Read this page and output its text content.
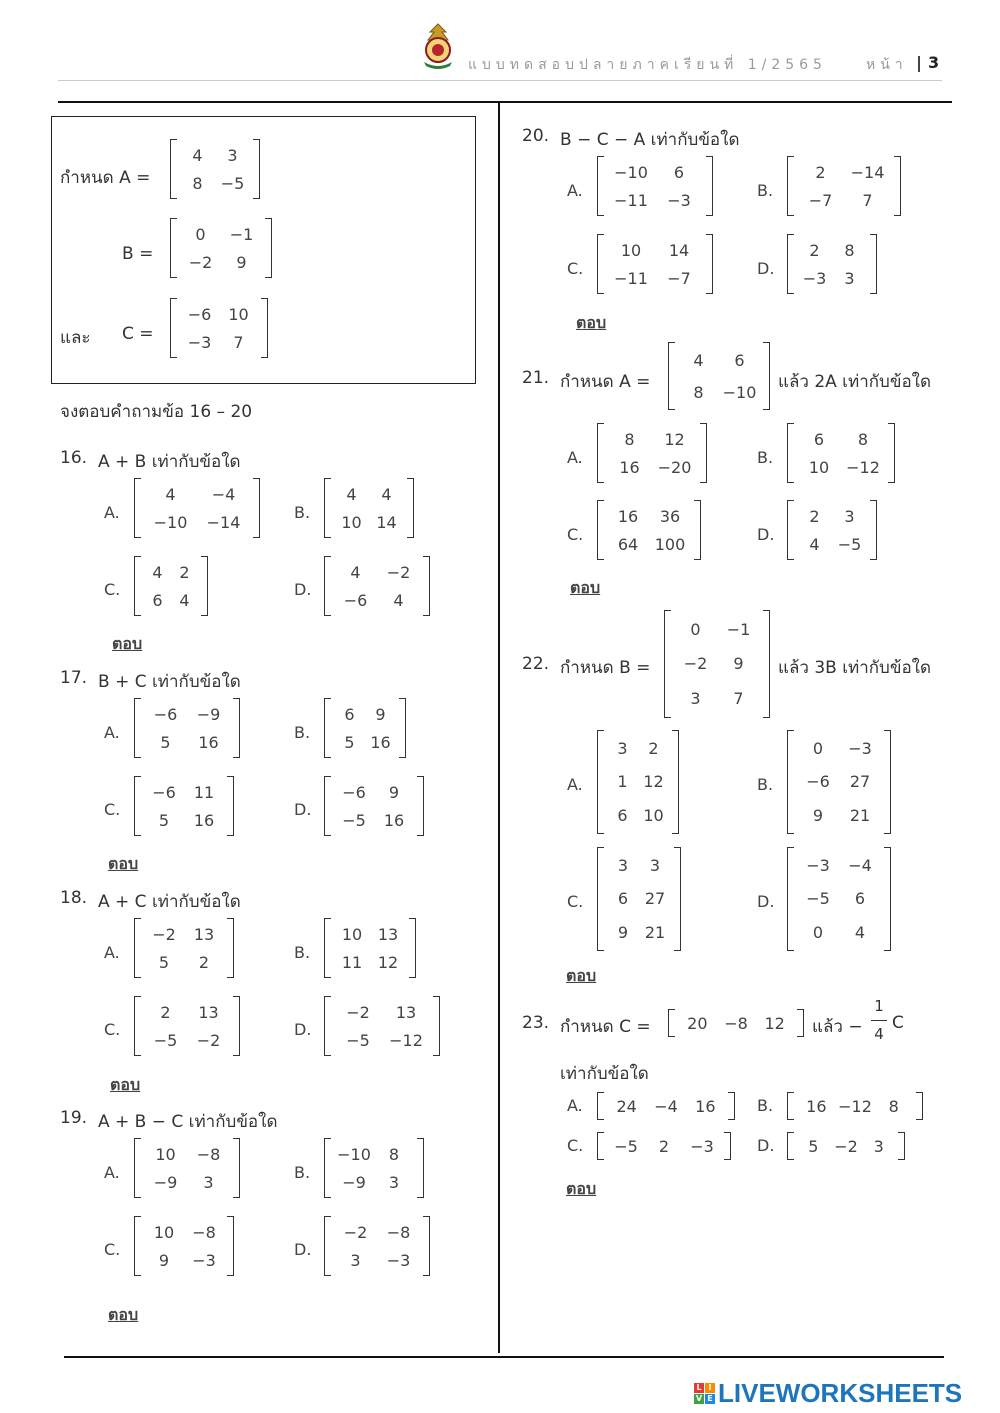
แบบทดสอบปลายภาคเรียนที่ 1/2565	หน้า 3
กำหนด A =
4 3
8 −5
B =
0 −1
−2 9
และ C =
−6 10
−3 7
จงตอบคำถามข้อ 16 – 20
16. A + B เท่ากับข้อใด
A.
4 −4
−10 −14	B.
4 4
10 14
C.
4 2
6 4
D.
4 −2
−6 4
ตอบ
17. B + C เท่ากับข้อใด
A.
−6 −9
5 16	B.
6 9
5 16
C.
−6 11
5 16
D.
−6 9
−5 16
ตอบ
18. A + C เท่ากับข้อใด
A.
−2 13
5 2	B.
10 13
11 12
C.
2 13
−5 −2
D.
−2 13
−5 −12
ตอบ
19. A + B − C เท่ากับข้อใด
A.
10 −8
−9 3	B.
−10 8
−9 3
C.
10 −8
9 −3
D.
−2 −8
3 −3
ตอบ
20. B − C − A เท่ากับข้อใด
A.
−10 6
−11 −3	B.
2 −14
−7 7
C.
10 14
−11 −7	D.
2 8
−3 3
ตอบ
21. กำหนด A =
4 6
8 −10 แล้ว 2A เท่ากับข้อใด
A.
8 12
16 −20	B.
6 8
10 −12
C.
16 36
64 100	D.
2 3
4 −5
ตอบ
22. กำหนด B =
0 −1
−2 9
3 7
แล้ว 3B เท่ากับข้อใด
A.
3 2
1 12
6 10
B.
0 −3
−6 27
9 21
C.
3 3
6 27
9 21
D.
−3 −4
−5 6
0 4
ตอบ
23. กำหนด C = 20 −8 12 แล้ว −
1
4
C
เท่ากับข้อใด
A. 24 −4 16	B. 16 −12 8
C. −5 2 −3	D. 5 −2 3
ตอบ
L I
V E LIVEWORKSHEETS
